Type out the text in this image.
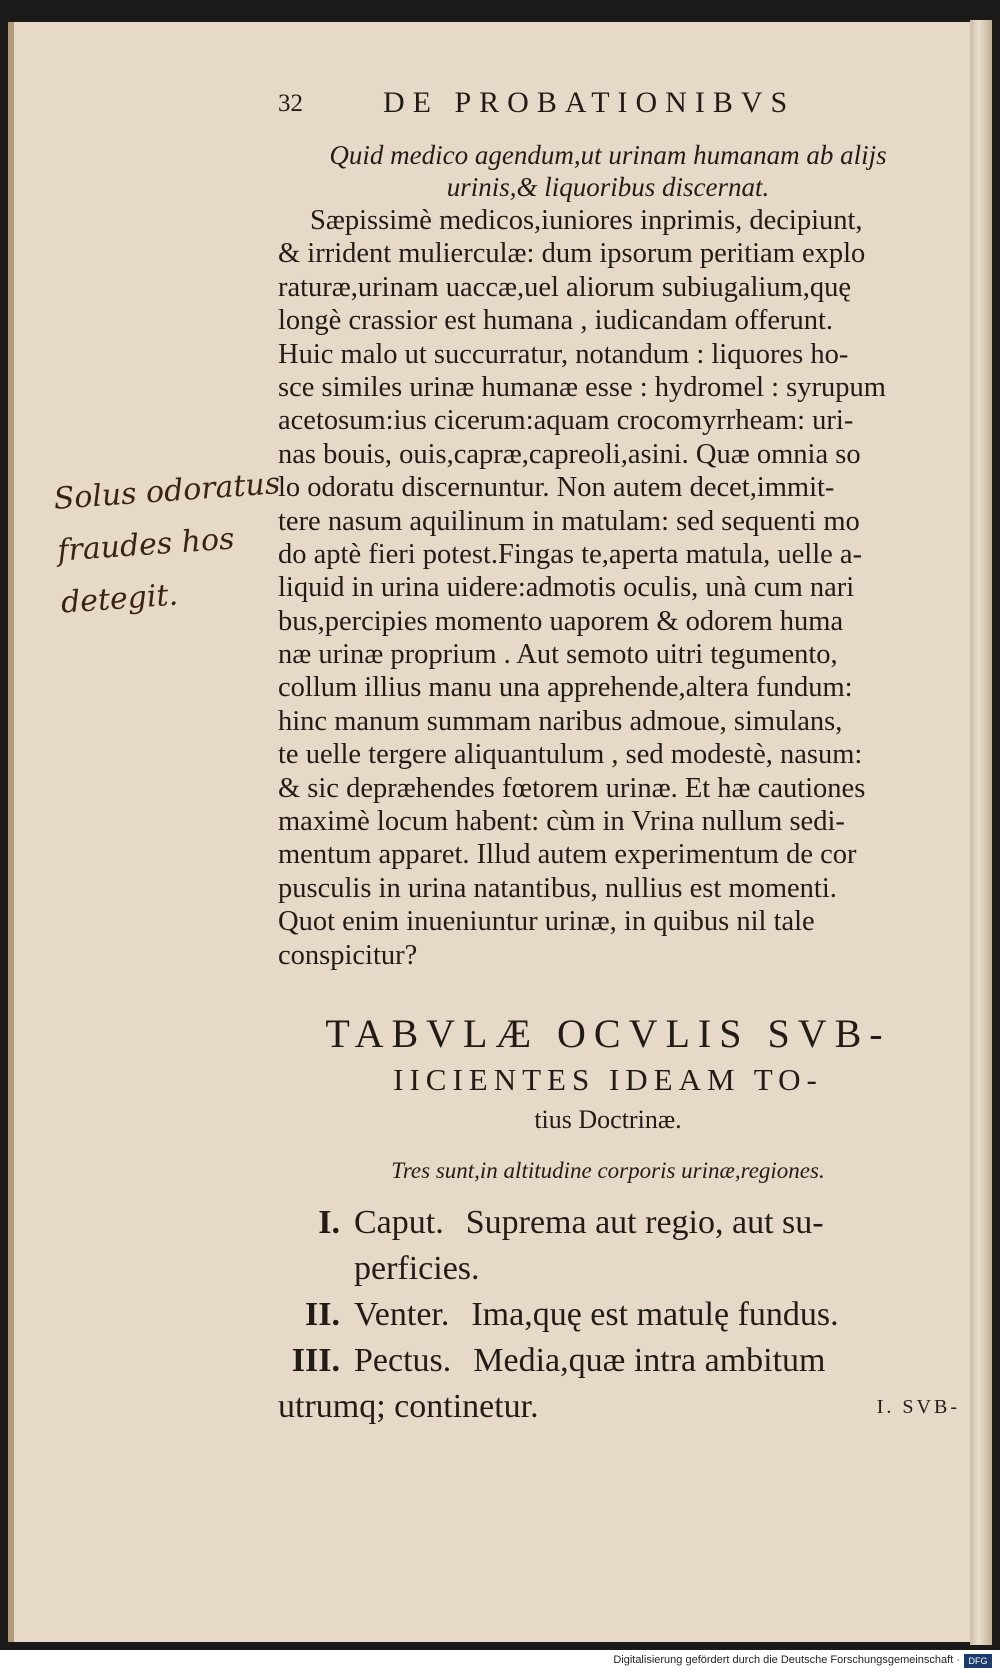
32	DE PROBATIONIBVS
Quid medico agendum,ut urinam humanam ab alijs
urinis,& liquoribus discernat.
Sæpissimè medicos,iuniores inprimis, decipiunt,
& irrident mulierculæ: dum ipsorum peritiam explo
raturæ,urinam uaccæ,uel aliorum subiugalium,quę
longè crassior est humana , iudicandam offerunt.
Huic malo ut succurratur, notandum : liquores ho-
sce similes urinæ humanæ esse : hydromel : syrupum
acetosum:ius cicerum:aquam crocomyrrheam: uri-
nas bouis, ouis,capræ,capreoli,asini. Quæ omnia so
lo odoratu discernuntur. Non autem decet,immit-
tere nasum aquilinum in matulam: sed sequenti mo
do aptè fieri potest.Fingas te,aperta matula, uelle a-
liquid in urina uidere:admotis oculis, unà cum nari
bus,percipies momento uaporem & odorem huma
næ urinæ proprium . Aut semoto uitri tegumento,
collum illius manu una apprehende,altera fundum:
hinc manum summam naribus admoue, simulans,
te uelle tergere aliquantulum , sed modestè, nasum:
& sic depræhendes fœtorem urinæ. Et hæ cautiones
maximè locum habent: cùm in Vrina nullum sedi-
mentum apparet. Illud autem experimentum de cor
pusculis in urina natantibus, nullius est momenti.
Quot enim inueniuntur urinæ, in quibus nil tale
conspicitur?
TABVLÆ OCVLIS SVB-
IICIENTES IDEAM TO-
tius Doctrinæ.
Tres sunt,in altitudine corporis urinæ,regiones.
I. Caput. Suprema aut regio, aut su-
perficies.
II. Venter. Ima,quę est matulę fundus.
III. Pectus. Media,quæ intra ambitum
utrumq; continetur.	I. SVB-
Solus odoratus
fraudes hos
detegit.
Digitalisierung gefördert durch die Deutsche Forschungsgemeinschaft · DFG
